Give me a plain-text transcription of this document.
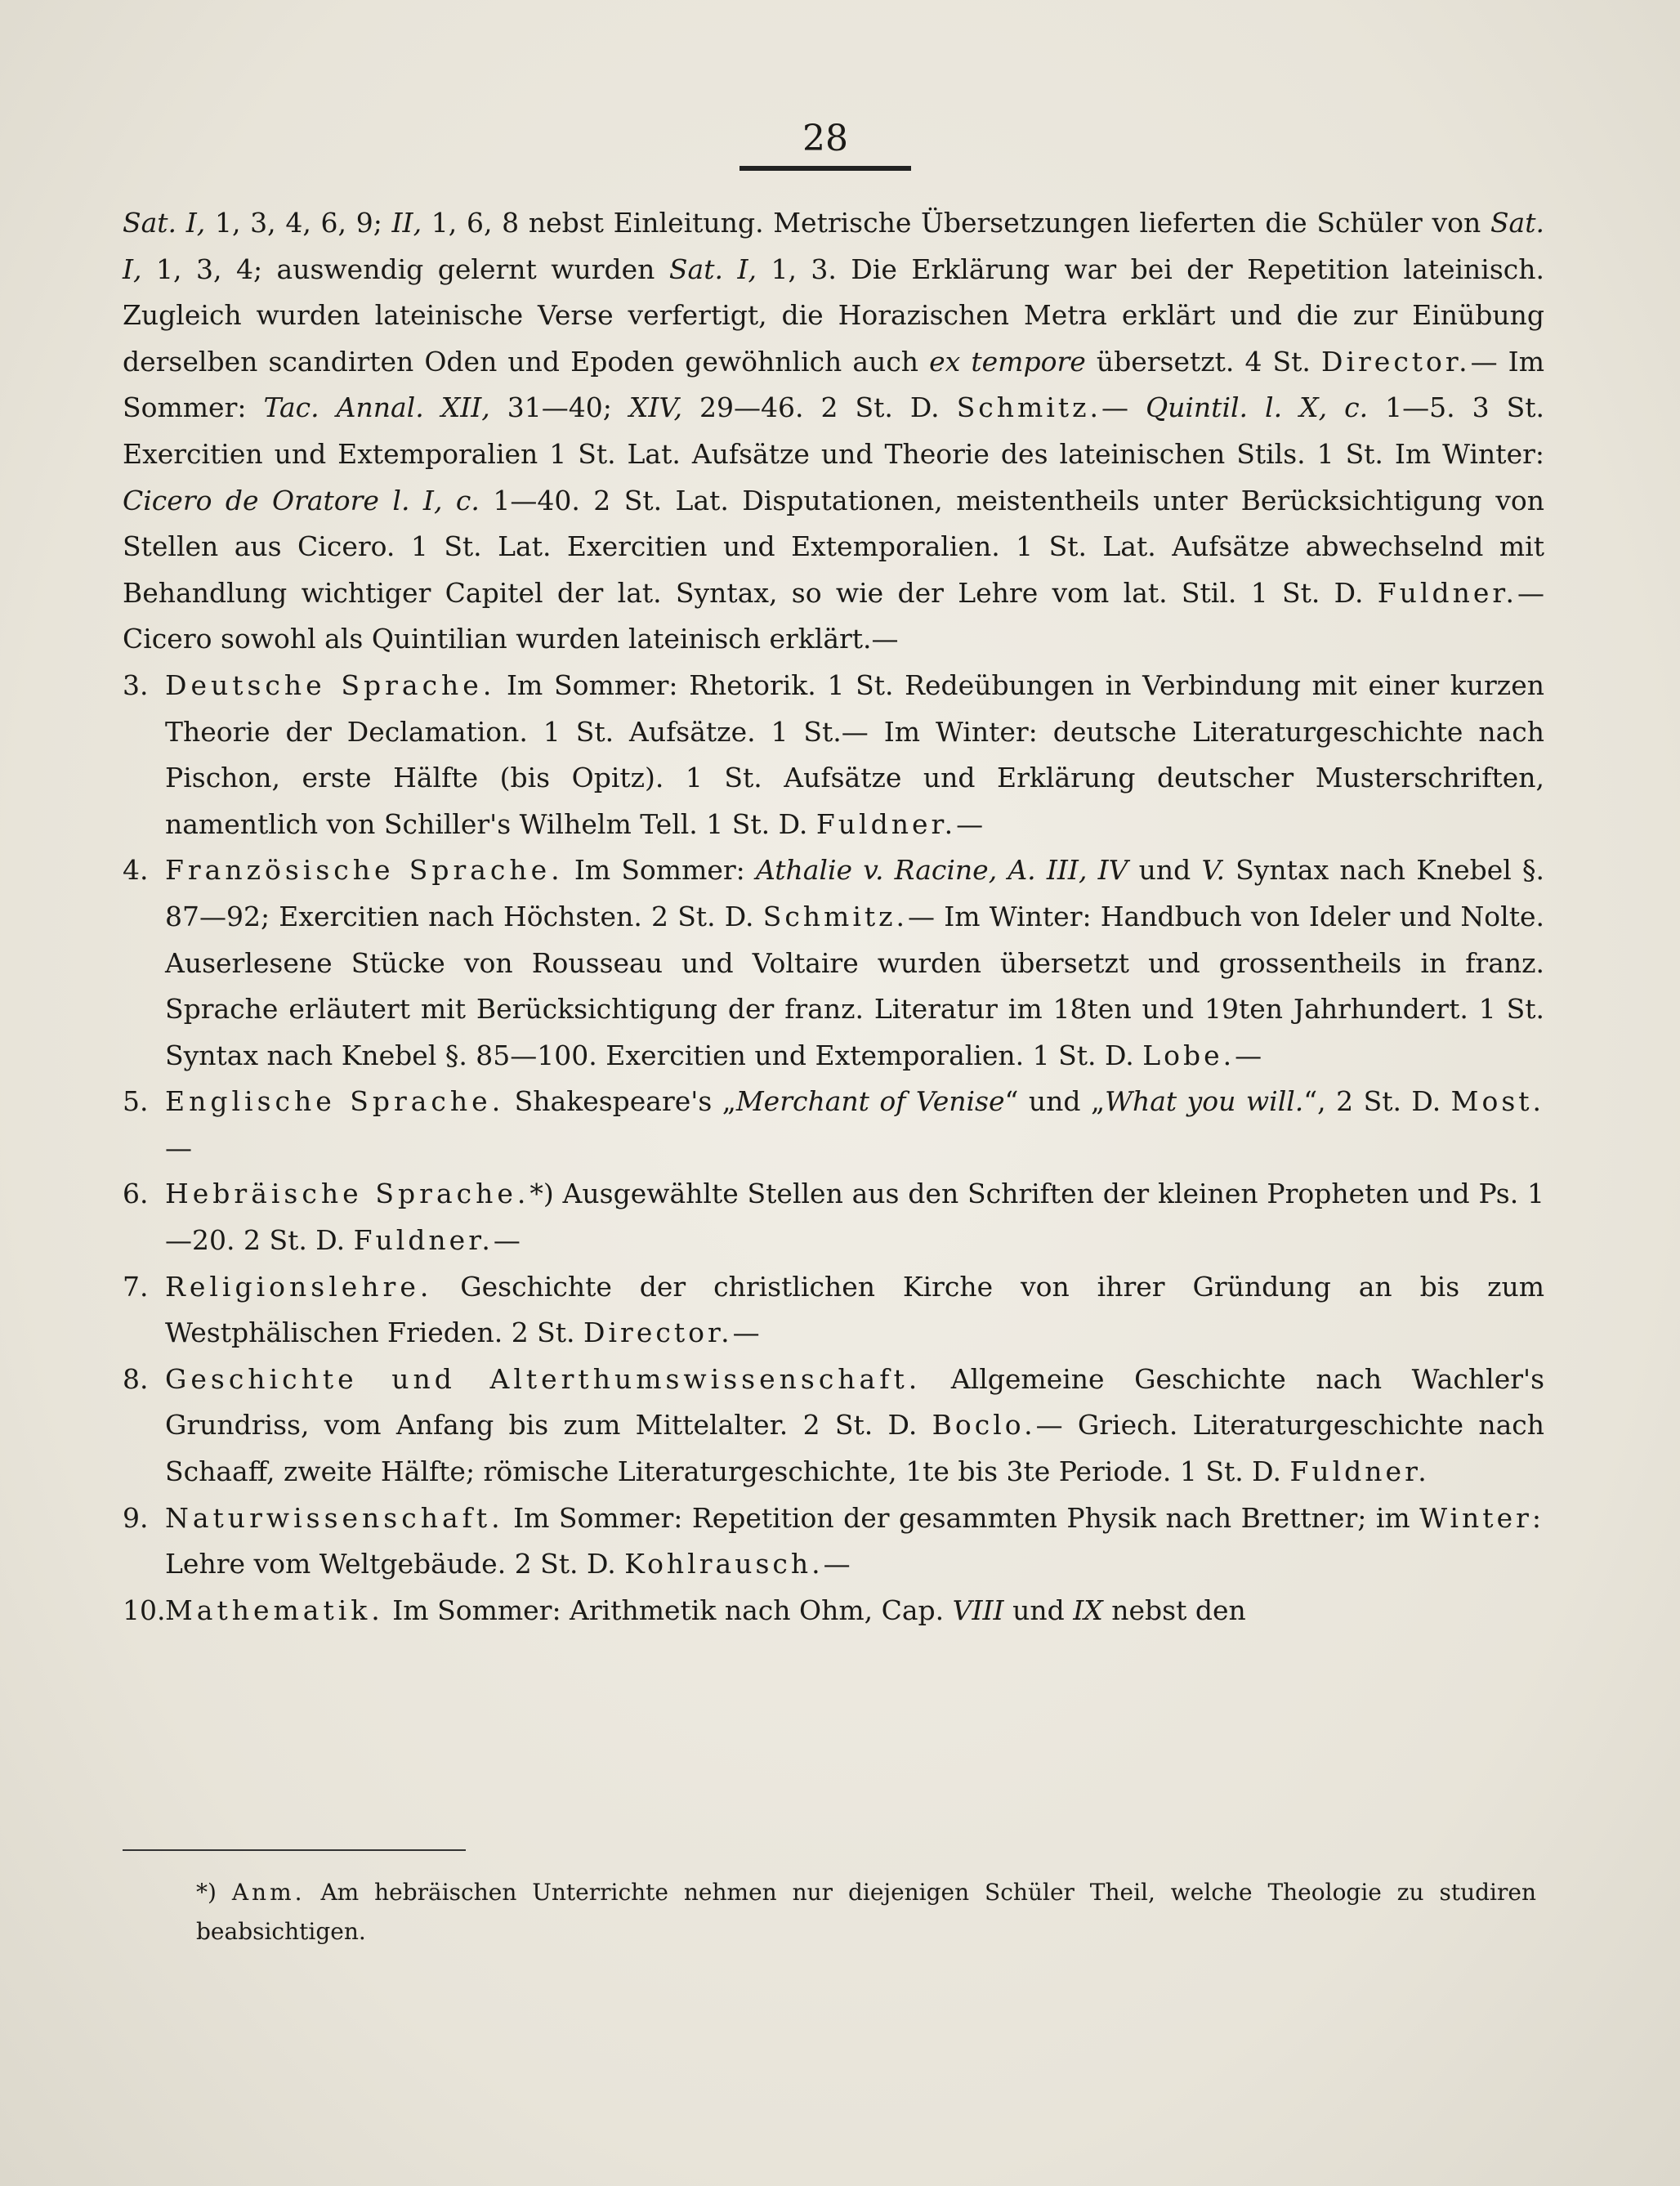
28

Sat. I, 1, 3, 4, 6, 9; II, 1, 6, 8 nebst Einleitung. Metrische Übersetzungen lieferten die Schüler von Sat. I, 1, 3, 4; auswendig gelernt wurden Sat. I, 1, 3. Die Erklärung war bei der Repetition lateinisch. Zugleich wurden lateinische Verse verfertigt, die Horazischen Metra erklärt und die zur Einübung derselben scandirten Oden und Epoden gewöhnlich auch ex tempore übersetzt. 4 St. Director.— Im Sommer: Tac. Annal. XII, 31—40; XIV, 29—46. 2 St. D. Schmitz.— Quintil. l. X, c. 1—5. 3 St. Exercitien und Extemporalien 1 St. Lat. Aufsätze und Theorie des lateinischen Stils. 1 St. Im Winter: Cicero de Oratore l. I, c. 1—40. 2 St. Lat. Disputationen, meistentheils unter Berücksichtigung von Stellen aus Cicero. 1 St. Lat. Exercitien und Extemporalien. 1 St. Lat. Aufsätze abwechselnd mit Behandlung wichtiger Capitel der lat. Syntax, so wie der Lehre vom lat. Stil. 1 St. D. Fuldner.— Cicero sowohl als Quintilian wurden lateinisch erklärt.—

3. Deutsche Sprache. Im Sommer: Rhetorik. 1 St. Redeübungen in Verbindung mit einer kurzen Theorie der Declamation. 1 St. Aufsätze. 1 St.— Im Winter: deutsche Literaturgeschichte nach Pischon, erste Hälfte (bis Opitz). 1 St. Aufsätze und Erklärung deutscher Musterschriften, namentlich von Schiller's Wilhelm Tell. 1 St. D. Fuldner.—
4. Französische Sprache. Im Sommer: Athalie v. Racine, A. III, IV und V. Syntax nach Knebel §. 87—92; Exercitien nach Höchsten. 2 St. D. Schmitz.— Im Winter: Handbuch von Ideler und Nolte. Auserlesene Stücke von Rousseau und Voltaire wurden übersetzt und grossentheils in franz. Sprache erläutert mit Berücksichtigung der franz. Literatur im 18ten und 19ten Jahrhundert. 1 St. Syntax nach Knebel §. 85—100. Exercitien und Extemporalien. 1 St. D. Lobe.—
5. Englische Sprache. Shakespeare's „Merchant of Venise“ und „What you will.“, 2 St. D. Most.—
6. Hebräische Sprache.*) Ausgewählte Stellen aus den Schriften der kleinen Propheten und Ps. 1—20. 2 St. D. Fuldner.—
7. Religionslehre. Geschichte der christlichen Kirche von ihrer Gründung an bis zum Westphälischen Frieden. 2 St. Director.—
8. Geschichte und Alterthumswissenschaft. Allgemeine Geschichte nach Wachler's Grundriss, vom Anfang bis zum Mittelalter. 2 St. D. Boclo.— Griech. Literaturgeschichte nach Schaaff, zweite Hälfte; römische Literaturgeschichte, 1te bis 3te Periode. 1 St. D. Fuldner.
9. Naturwissenschaft. Im Sommer: Repetition der gesammten Physik nach Brettner; im Winter: Lehre vom Weltgebäude. 2 St. D. Kohlrausch.—
10. Mathematik. Im Sommer: Arithmetik nach Ohm, Cap. VIII und IX nebst den
*) Anm. Am hebräischen Unterrichte nehmen nur diejenigen Schüler Theil, welche Theologie zu studiren beabsichtigen.
